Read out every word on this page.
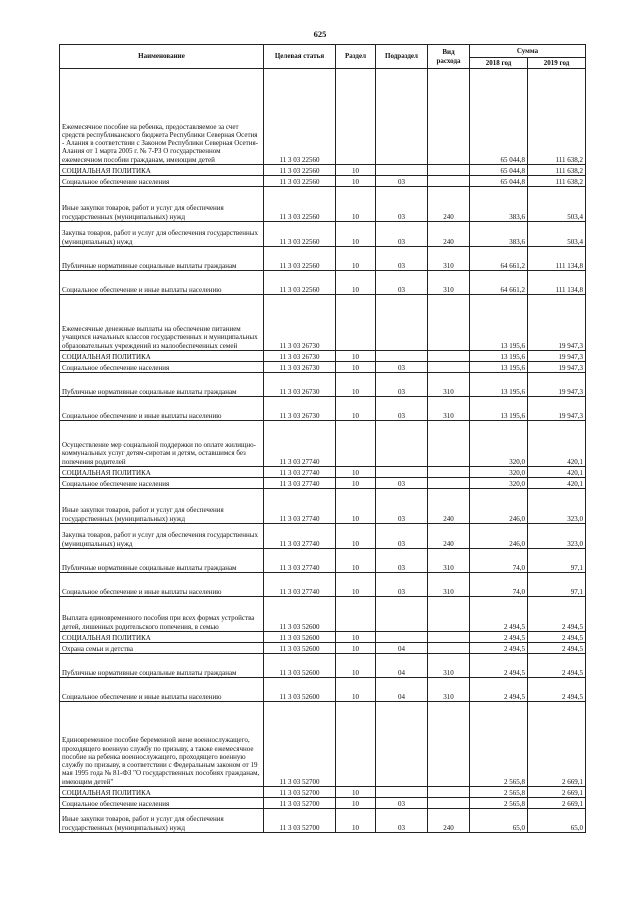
625
Наименование	Целевая статья	Раздел	Подраздел	Вид расхода	Сумма	
					2018 год	2019 год
Ежемесячное пособие на ребенка, предоставляемое за счет средств республиканского бюджета Республики Северная Осетия - Алания в соответствии с Законом Республики Северная Осетия-Алания от 1 марта 2005 г. № 7-РЗ О государственном ежемесячном пособии гражданам, имеющим детей	11 3 03 22560				65 044,8	111 638,2
СОЦИАЛЬНАЯ ПОЛИТИКА	11 3 03 22560	10			65 044,8	111 638,2
Социальное обеспечение населения	11 3 03 22560	10	03		65 044,8	111 638,2
Иные закупки товаров, работ и услуг для обеспечения государственных (муниципальных) нужд	11 3 03 22560	10	03	240	383,6	503,4
Закупка товаров, работ и услуг для обеспечения государственных (муниципальных) нужд	11 3 03 22560	10	03	240	383,6	503,4
Публичные нормативные социальные выплаты гражданам	11 3 03 22560	10	03	310	64 661,2	111 134,8
Социальное обеспечение и иные выплаты населению	11 3 03 22560	10	03	310	64 661,2	111 134,8
Ежемесячные денежные выплаты на обеспечение питанием учащихся начальных классов государственных и муниципальных образовательных учреждений из малообеспеченных семей	11 3 03 26730				13 195,6	19 947,3
СОЦИАЛЬНАЯ ПОЛИТИКА	11 3 03 26730	10			13 195,6	19 947,3
Социальное обеспечение населения	11 3 03 26730	10	03		13 195,6	19 947,3
Публичные нормативные социальные выплаты гражданам	11 3 03 26730	10	03	310	13 195,6	19 947,3
Социальное обеспечение и иные выплаты населению	11 3 03 26730	10	03	310	13 195,6	19 947,3
Осуществление мер социальной поддержки по оплате жилищно-коммунальных услуг детям-сиротам и детям, оставшимся без попечения родителей	11 3 03 27740				320,0	420,1
СОЦИАЛЬНАЯ ПОЛИТИКА	11 3 03 27740	10			320,0	420,1
Социальное обеспечение населения	11 3 03 27740	10	03		320,0	420,1
Иные закупки товаров, работ и услуг для обеспечения государственных (муниципальных) нужд	11 3 03 27740	10	03	240	246,0	323,0
Закупка товаров, работ и услуг для обеспечения государственных (муниципальных) нужд	11 3 03 27740	10	03	240	246,0	323,0
Публичные нормативные социальные выплаты гражданам	11 3 03 27740	10	03	310	74,0	97,1
Социальное обеспечение и иные выплаты населению	11 3 03 27740	10	03	310	74,0	97,1
Выплата единовременного пособия при всех формах устройства детей, лишенных родительского попечения, в семью	11 3 03 52600				2 494,5	2 494,5
СОЦИАЛЬНАЯ ПОЛИТИКА	11 3 03 52600	10			2 494,5	2 494,5
Охрана семьи и детства	11 3 03 52600	10	04		2 494,5	2 494,5
Публичные нормативные социальные выплаты гражданам	11 3 03 52600	10	04	310	2 494,5	2 494,5
Социальное обеспечение и иные выплаты населению	11 3 03 52600	10	04	310	2 494,5	2 494,5
Единовременное пособие беременной жене военнослужащего, проходящего военную службу по призыву, а также ежемесячное пособие на ребенка военнослужащего, проходящего военную службу по призыву, в соответствии с Федеральным законом от 19 мая 1995 года № 81-ФЗ "О государственных пособиях гражданам, имеющим детей"	11 3 03 52700				2 565,8	2 669,1
СОЦИАЛЬНАЯ ПОЛИТИКА	11 3 03 52700	10			2 565,8	2 669,1
Социальное обеспечение населения	11 3 03 52700	10	03		2 565,8	2 669,1
Иные закупки товаров, работ и услуг для обеспечения государственных (муниципальных) нужд	11 3 03 52700	10	03	240	65,0	65,0
